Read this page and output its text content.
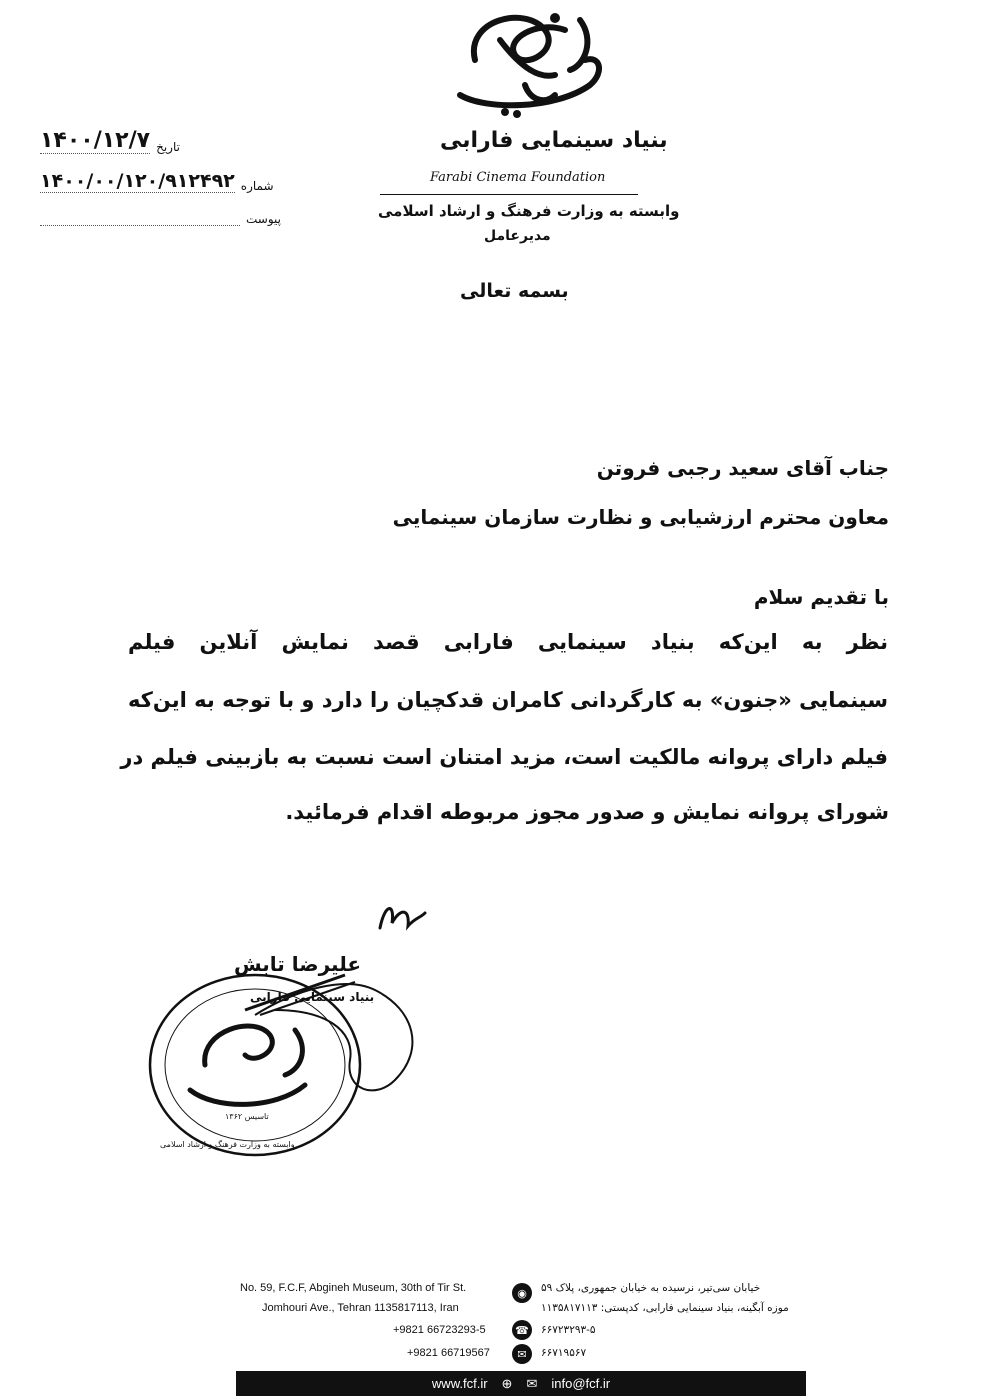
بنیاد سینمایی فارابی
Farabi Cinema Foundation
وابسته به وزارت فرهنگ و ارشاد اسلامی
مدیرعامل
تاریخ
۱۴۰۰/۱۲/۷
شماره
۱۴۰۰/۰۰/۱۲۰/۹۱۲۴۹۲
پیوست
بسمه تعالی
جناب آقای سعید رجبی فروتن
معاون محترم ارزشیابی و نظارت سازمان سینمایی
با تقدیم سلام
نظر به این‌که بنیاد سینمایی فارابی قصد نمایش آنلاین فیلم
سینمایی «جنون» به کارگردانی کامران قدکچیان را دارد و با توجه به این‌که
فیلم دارای پروانه مالکیت است، مزید امتنان است نسبت به بازبینی فیلم در
شورای پروانه نمایش و صدور مجوز مربوطه اقدام فرمائید.
علیرضا تابش
بنیاد سینمایی فارابی
وابسته به وزارت فرهنگ و ارشاد اسلامی
تاسیس ۱۳۶۲
No. 59, F.C.F, Abgineh Museum, 30th of Tir St.
Jomhouri Ave., Tehran 1135817113, Iran
+9821 66723293-5
+9821 66719567
◉
☎
✉
خیابان سی‌تیر، نرسیده به خیابان جمهوری، پلاک ۵۹
موزه آبگینه، بنیاد سینمایی فارابی، کدپستی: ۱۱۳۵۸۱۷۱۱۳
۶۶۷۲۳۲۹۳-۵
۶۶۷۱۹۵۶۷
www.fcf.ir ⊕ ✉ info@fcf.ir
